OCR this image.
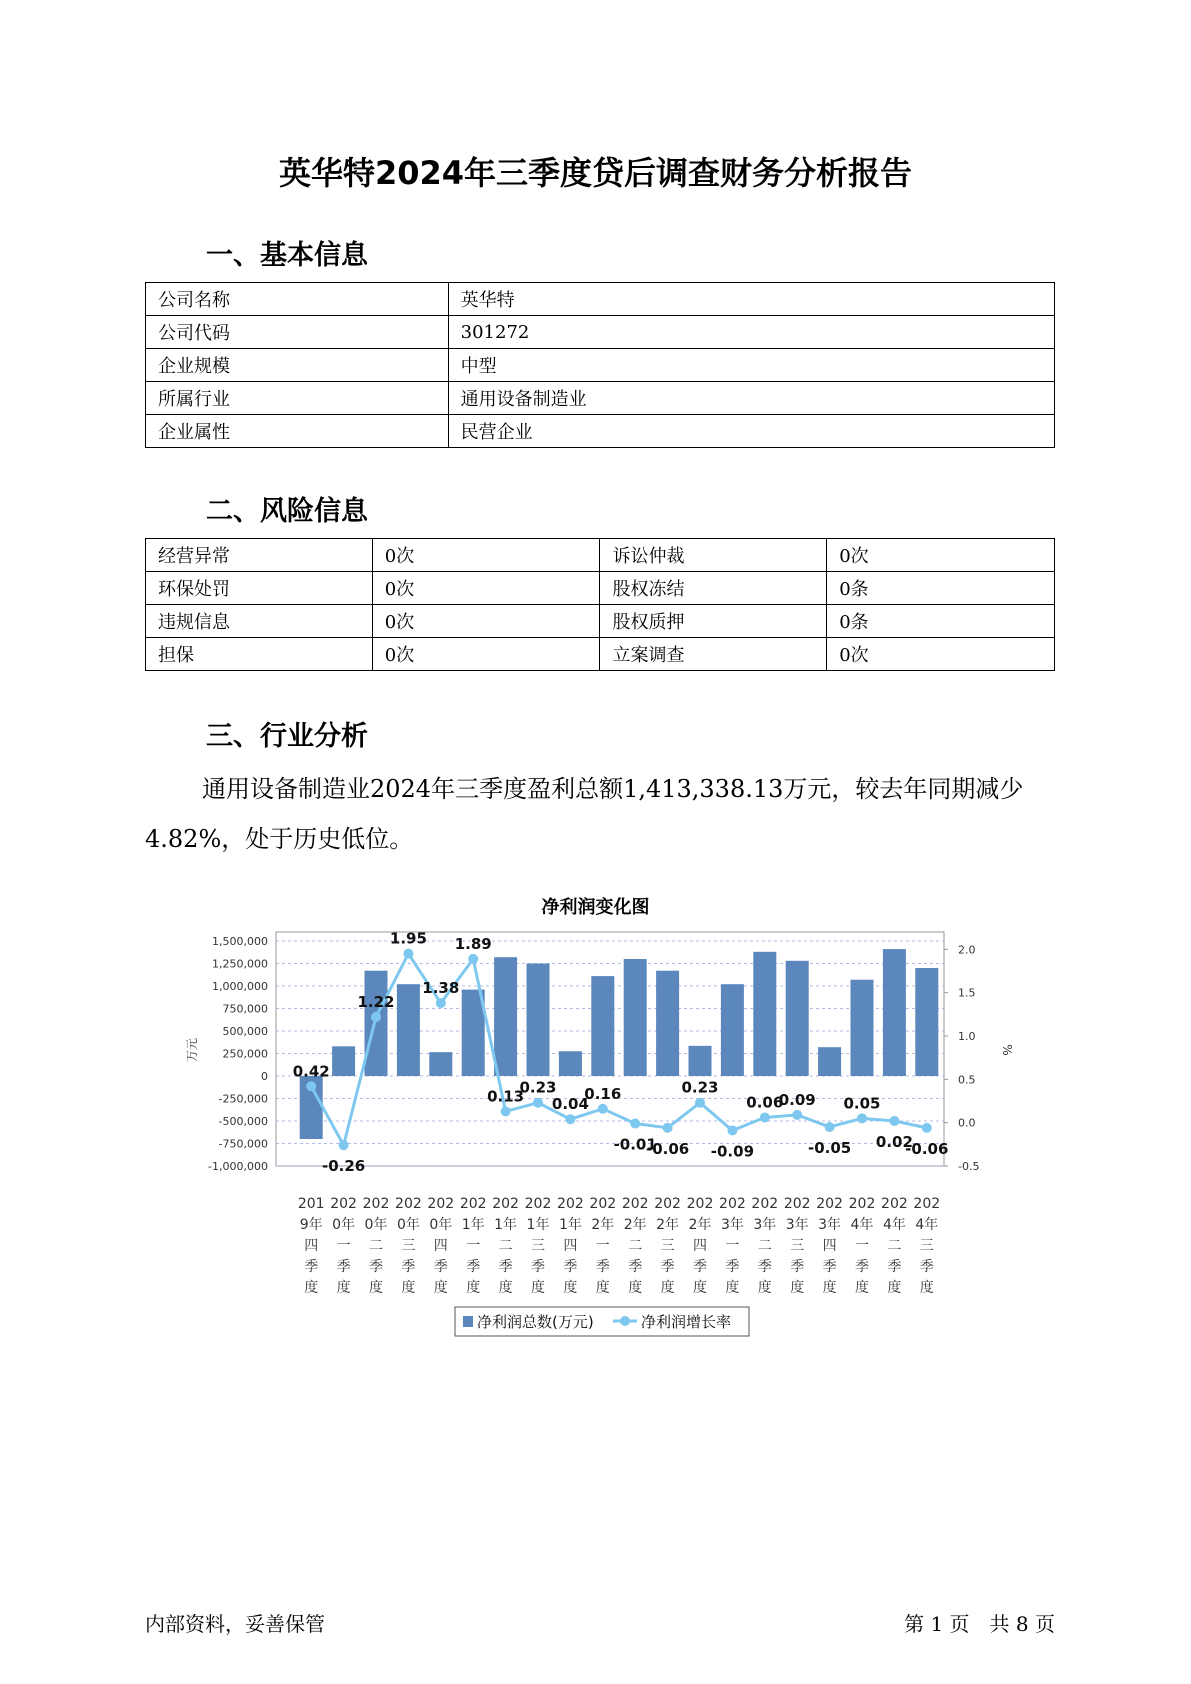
英华特2024年三季度贷后调查财务分析报告
一、基本信息
公司名称	英华特
公司代码	301272
企业规模	中型
所属行业	通用设备制造业
企业属性	民营企业
二、风险信息
经营异常	0次	诉讼仲裁	0次
环保处罚	0次	股权冻结	0条
违规信息	0次	股权质押	0条
担保	0次	立案调查	0次
三、行业分析
通用设备制造业2024年三季度盈利总额1,413,338.13万元，较去年同期减少4.82%，处于历史低位。
净利润变化图
1,500,000
1,250,000
1,000,000
750,000
500,000
250,000
0
-250,000
-500,000
-750,000
-1,000,000
2.0
1.5
1.0
0.5
0.0
-0.5
万元	%
0.42
-0.26
1.22
1.95
1.38
1.89
0.13
0.23
0.04
0.16
-0.01
-0.06
0.23
-0.09
0.06
0.09
-0.05
0.05
0.02
-0.06
201 9年四季度
202 0年一季度
202 0年二季度
202 0年三季度
202 0年四季度
202 1年一季度
202 1年二季度
202 1年三季度
202 1年四季度
202 2年一季度
202 2年二季度
202 2年三季度
202 2年四季度
202 3年一季度
202 3年二季度
202 3年三季度
202 3年四季度
202 4年一季度
202 4年二季度
202 4年三季度
净利润总数(万元)	净利润增长率
内部资料，妥善保管	第 1 页　共 8 页
